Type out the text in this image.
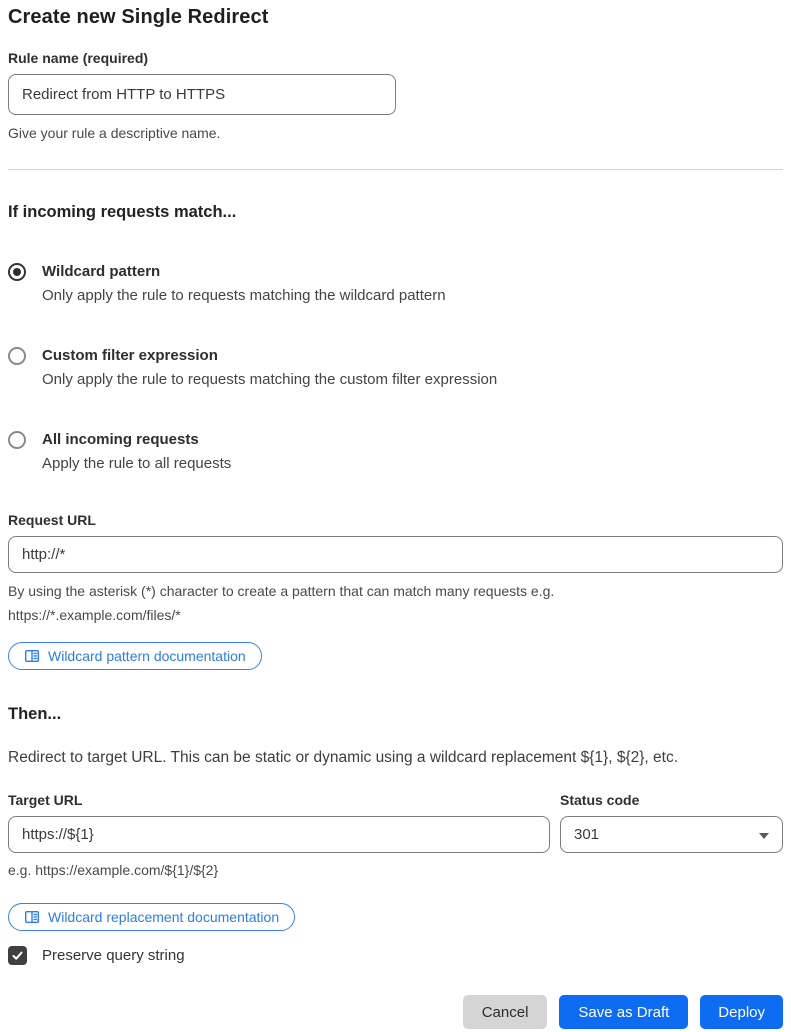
Create new Single Redirect
Rule name (required)
Redirect from HTTP to HTTPS
Give your rule a descriptive name.
If incoming requests match...
Wildcard pattern
Only apply the rule to requests matching the wildcard pattern
Custom filter expression
Only apply the rule to requests matching the custom filter expression
All incoming requests
Apply the rule to all requests
Request URL
http://*
By using the asterisk (*) character to create a pattern that can match many requests e.g. https://*.example.com/files/*
Wildcard pattern documentation
Then...
Redirect to target URL. This can be static or dynamic using a wildcard replacement ${1}, ${2}, etc.
Target URL	Status code
https://${1}
301
e.g. https://example.com/${1}/${2}
Wildcard replacement documentation
Preserve query string
Cancel	Save as Draft	Deploy
